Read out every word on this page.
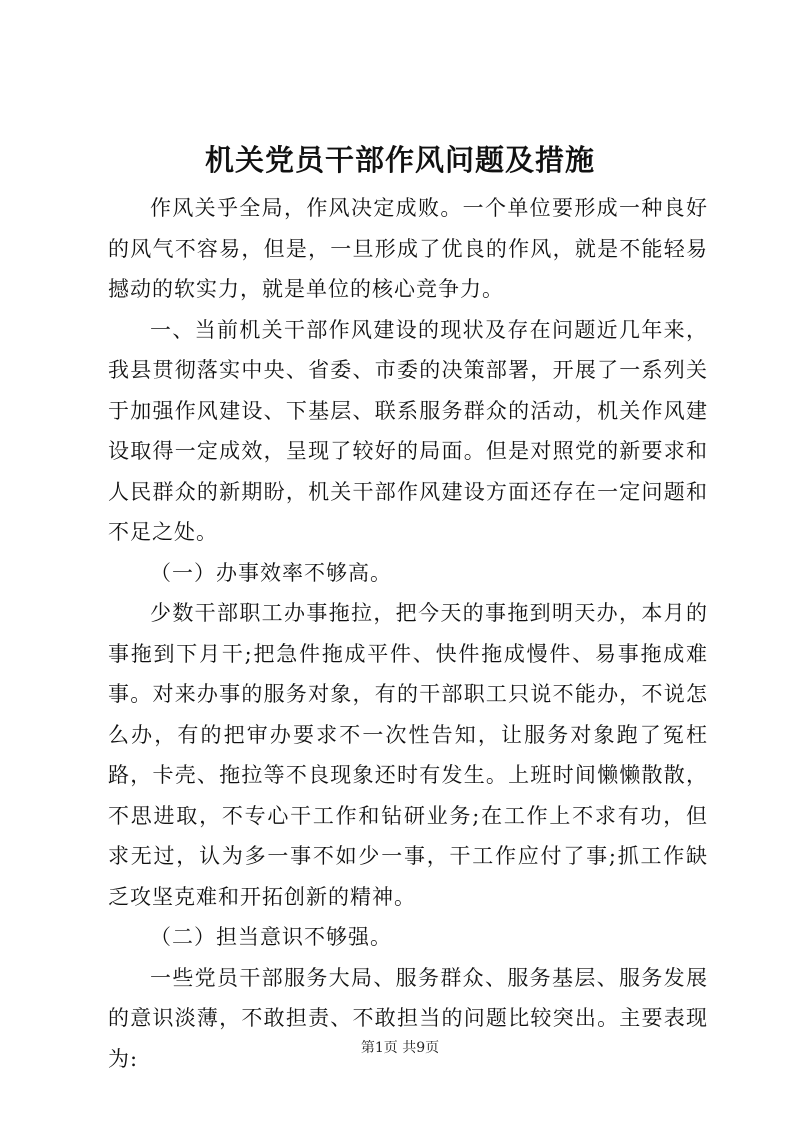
机关党员干部作风问题及措施

作风关乎全局，作风决定成败。一个单位要形成一种良好的风气不容易，但是，一旦形成了优良的作风，就是不能轻易撼动的软实力，就是单位的核心竞争力。

一、当前机关干部作风建设的现状及存在问题近几年来，我县贯彻落实中央、省委、市委的决策部署，开展了一系列关于加强作风建设、下基层、联系服务群众的活动，机关作风建设取得一定成效，呈现了较好的局面。但是对照党的新要求和人民群众的新期盼，机关干部作风建设方面还存在一定问题和不足之处。

（一）办事效率不够高。

少数干部职工办事拖拉，把今天的事拖到明天办，本月的事拖到下月干;把急件拖成平件、快件拖成慢件、易事拖成难事。对来办事的服务对象，有的干部职工只说不能办，不说怎么办，有的把审办要求不一次性告知，让服务对象跑了冤枉路，卡壳、拖拉等不良现象还时有发生。上班时间懒懒散散，不思进取，不专心干工作和钻研业务;在工作上不求有功，但求无过，认为多一事不如少一事，干工作应付了事;抓工作缺乏攻坚克难和开拓创新的精神。

（二）担当意识不够强。

一些党员干部服务大局、服务群众、服务基层、服务发展的意识淡薄，不敢担责、不敢担当的问题比较突出。主要表现为:	第1页 共9页
